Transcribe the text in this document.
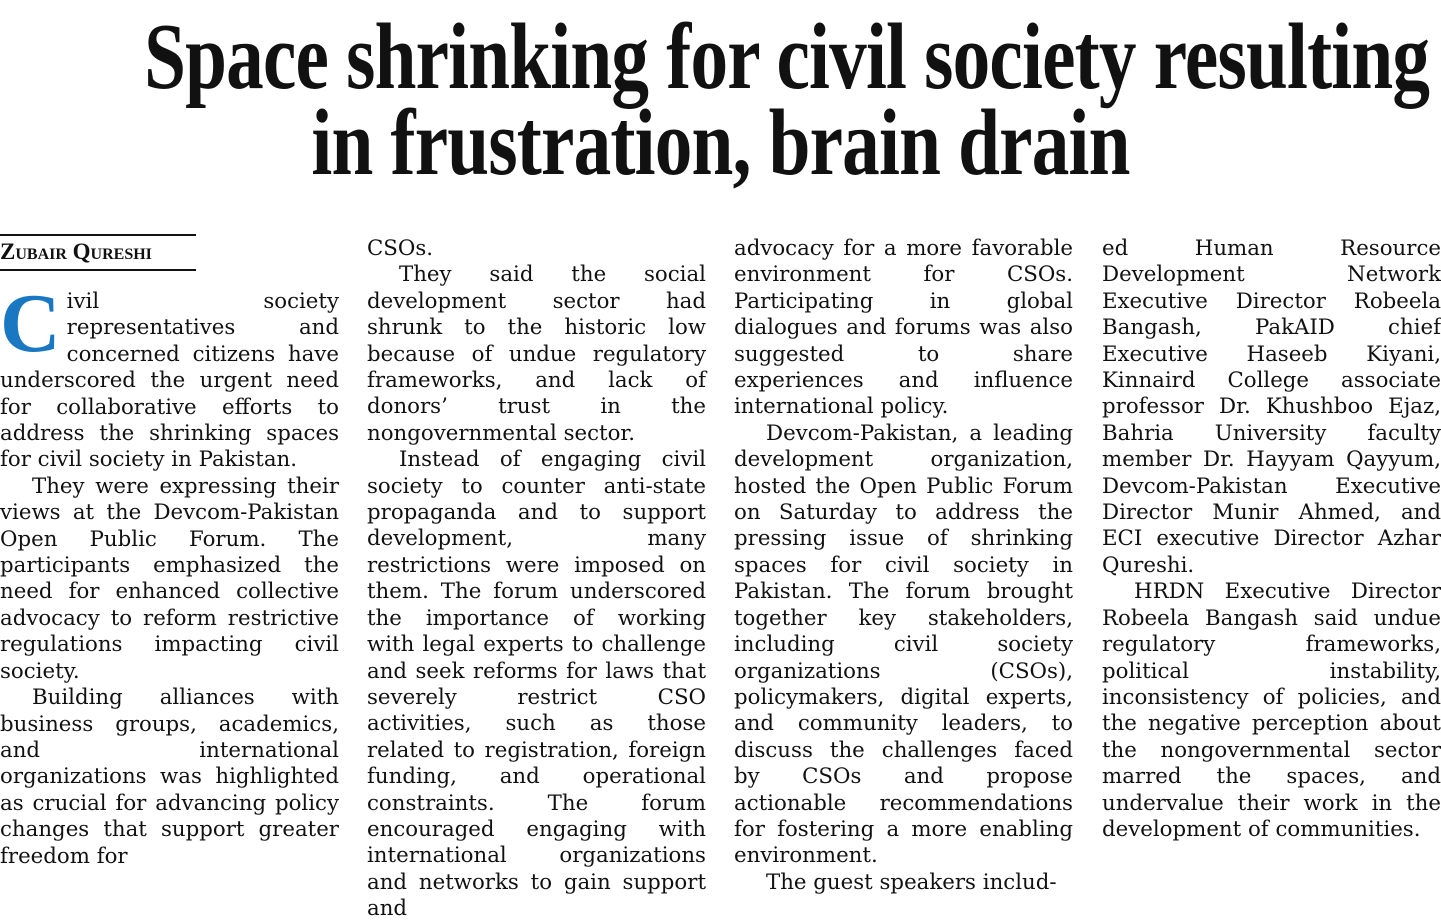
Space shrinking for civil society resulting
in frustration, brain drain
Zubair Qureshi

Civil society representatives and concerned citizens have underscored the urgent need for collaborative efforts to address the shrinking spaces for civil society in Pakistan.

They were expressing their views at the Devcom-Pakistan Open Public Forum. The participants emphasized the need for enhanced collective advocacy to reform restrictive regulations impacting civil society.

Building alliances with business groups, academics, and international organizations was highlighted as crucial for advancing policy changes that support greater freedom for

CSOs.

They said the social development sector had shrunk to the historic low because of undue regulatory frameworks, and lack of donors’ trust in the nongovernmental sector.

Instead of engaging civil society to counter anti-state propaganda and to support development, many restrictions were imposed on them. The forum underscored the importance of working with legal experts to challenge and seek reforms for laws that severely restrict CSO activities, such as those related to registration, foreign funding, and operational constraints. The forum encouraged engaging with international organizations and networks to gain support and

advocacy for a more favorable environment for CSOs. Participating in global dialogues and forums was also suggested to share experiences and influence international policy.

Devcom-Pakistan, a leading development organization, hosted the Open Public Forum on Saturday to address the pressing issue of shrinking spaces for civil society in Pakistan. The forum brought together key stakeholders, including civil society organizations (CSOs), policymakers, digital experts, and community leaders, to discuss the challenges faced by CSOs and propose actionable recommendations for fostering a more enabling environment.

The guest speakers includ-

ed Human Resource Development Network Executive Director Robeela Bangash, PakAID chief Executive Haseeb Kiyani, Kinnaird College associate professor Dr. Khushboo Ejaz, Bahria University faculty member Dr. Hayyam Qayyum, Devcom-Pakistan Executive Director Munir Ahmed, and ECI executive Director Azhar Qureshi.

HRDN Executive Director Robeela Bangash said undue regulatory frameworks, political instability, inconsistency of policies, and the negative perception about the nongovernmental sector marred the spaces, and undervalue their work in the development of communities.
